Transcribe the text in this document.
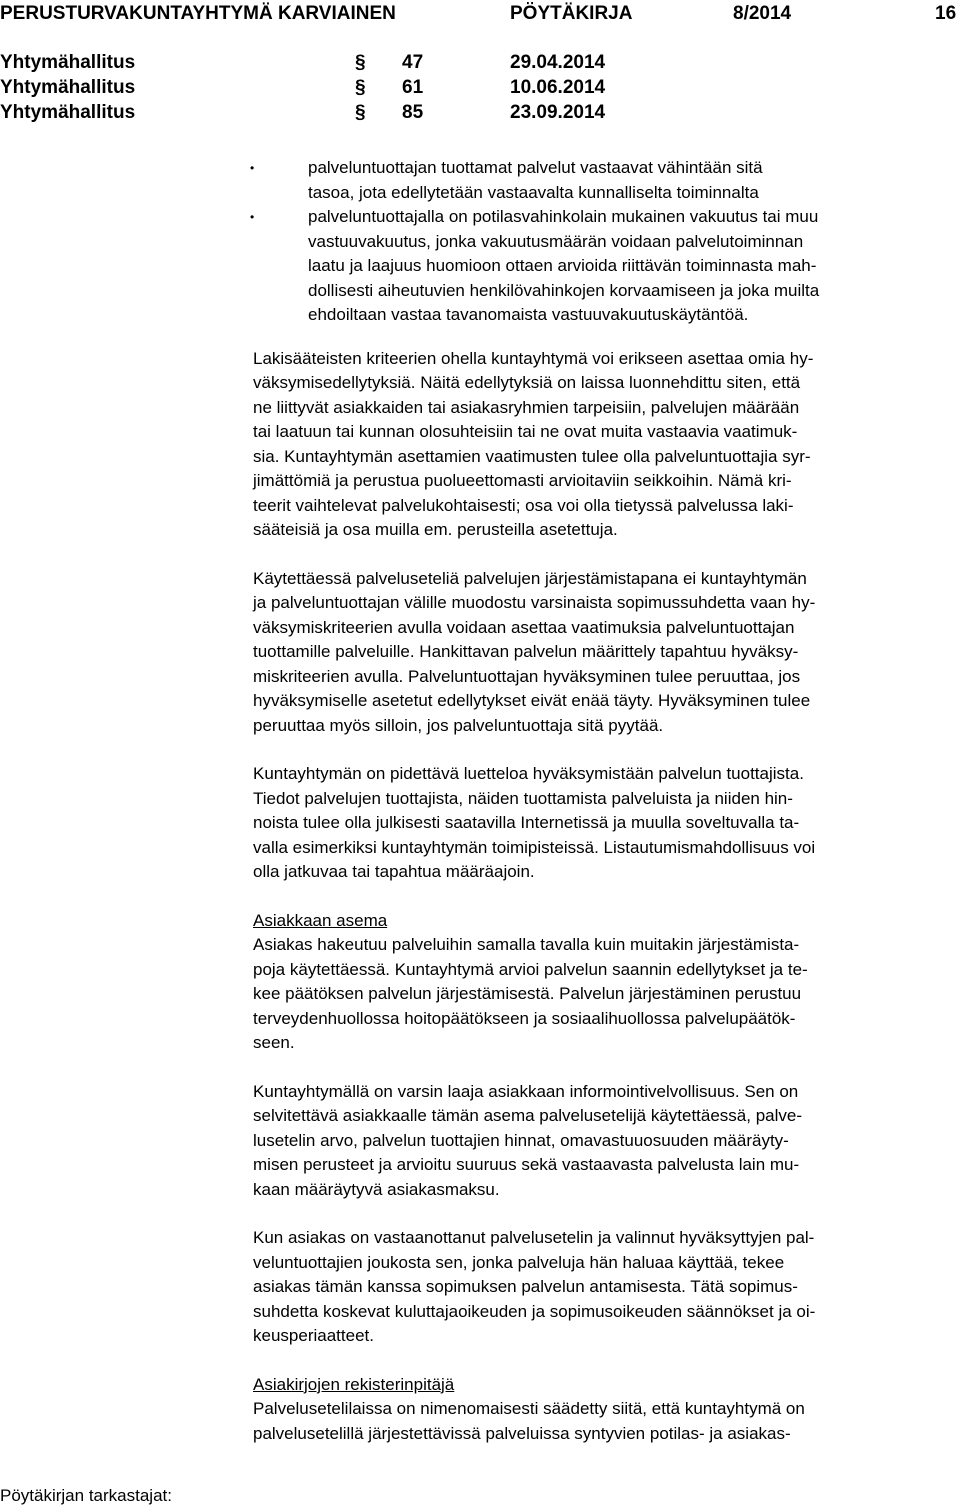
PERUSTURVAKUNTAYHTYMÄ KARVIAINEN	PÖYTÄKIRJA	8/2014	16
Yhtymähallitus	§ 47	29.04.2014
Yhtymähallitus	§ 61	10.06.2014
Yhtymähallitus	§ 85	23.09.2014
•	palveluntuottajan tuottamat palvelut vastaavat vähintään sitä
tasoa, jota edellytetään vastaavalta kunnalliselta toiminnalta
•	palveluntuottajalla on potilasvahinkolain mukainen vakuutus tai muu
vastuuvakuutus, jonka vakuutusmäärän voidaan palvelutoiminnan
laatu ja laajuus huomioon ottaen arvioida riittävän toiminnasta mah-
dollisesti aiheutuvien henkilövahinkojen korvaamiseen ja joka muilta
ehdoiltaan vastaa tavanomaista vastuuvakuutuskäytäntöä.

Lakisääteisten kriteerien ohella kuntayhtymä voi erikseen asettaa omia hy-
väksymisedellytyksiä. Näitä edellytyksiä on laissa luonnehdittu siten, että
ne liittyvät asiakkaiden tai asiakasryhmien tarpeisiin, palvelujen määrään
tai laatuun tai kunnan olosuhteisiin tai ne ovat muita vastaavia vaatimuk-
sia. Kuntayhtymän asettamien vaatimusten tulee olla palveluntuottajia syr-
jimättömiä ja perustua puolueettomasti arvioitaviin seikkoihin. Nämä kri-
teerit vaihtelevat palvelukohtaisesti; osa voi olla tietyssä palvelussa laki-
sääteisiä ja osa muilla em. perusteilla asetettuja.

Käytettäessä palveluseteliä palvelujen järjestämistapana ei kuntayhtymän
ja palveluntuottajan välille muodostu varsinaista sopimussuhdetta vaan hy-
väksymiskriteerien avulla voidaan asettaa vaatimuksia palveluntuottajan
tuottamille palveluille. Hankittavan palvelun määrittely tapahtuu hyväksy-
miskriteerien avulla. Palveluntuottajan hyväksyminen tulee peruuttaa, jos
hyväksymiselle asetetut edellytykset eivät enää täyty. Hyväksyminen tulee
peruuttaa myös silloin, jos palveluntuottaja sitä pyytää.

Kuntayhtymän on pidettävä luetteloa hyväksymistään palvelun tuottajista.
Tiedot palvelujen tuottajista, näiden tuottamista palveluista ja niiden hin-
noista tulee olla julkisesti saatavilla Internetissä ja muulla soveltuvalla ta-
valla esimerkiksi kuntayhtymän toimipisteissä. Listautumismahdollisuus voi
olla jatkuvaa tai tapahtua määräajoin.

Asiakkaan asema
Asiakas hakeutuu palveluihin samalla tavalla kuin muitakin järjestämista-
poja käytettäessä. Kuntayhtymä arvioi palvelun saannin edellytykset ja te-
kee päätöksen palvelun järjestämisestä. Palvelun järjestäminen perustuu
terveydenhuollossa hoitopäätökseen ja sosiaalihuollossa palvelupäätök-
seen.

Kuntayhtymällä on varsin laaja asiakkaan informointivelvollisuus. Sen on
selvitettävä asiakkaalle tämän asema palvelusetelijä käytettäessä, palve-
lusetelin arvo, palvelun tuottajien hinnat, omavastuuosuuden määräyty-
misen perusteet ja arvioitu suuruus sekä vastaavasta palvelusta lain mu-
kaan määräytyvä asiakasmaksu.

Kun asiakas on vastaanottanut palvelusetelin ja valinnut hyväksyttyjen pal-
veluntuottajien joukosta sen, jonka palveluja hän haluaa käyttää, tekee
asiakas tämän kanssa sopimuksen palvelun antamisesta. Tätä sopimus-
suhdetta koskevat kuluttajaoikeuden ja sopimusoikeuden säännökset ja oi-
keusperiaatteet.

Asiakirjojen rekisterinpitäjä
Palvelusetelilaissa on nimenomaisesti säädetty siitä, että kuntayhtymä on
palvelusetelillä järjestettävissä palveluissa syntyvien potilas- ja asiakas-

Pöytäkirjan tarkastajat:
